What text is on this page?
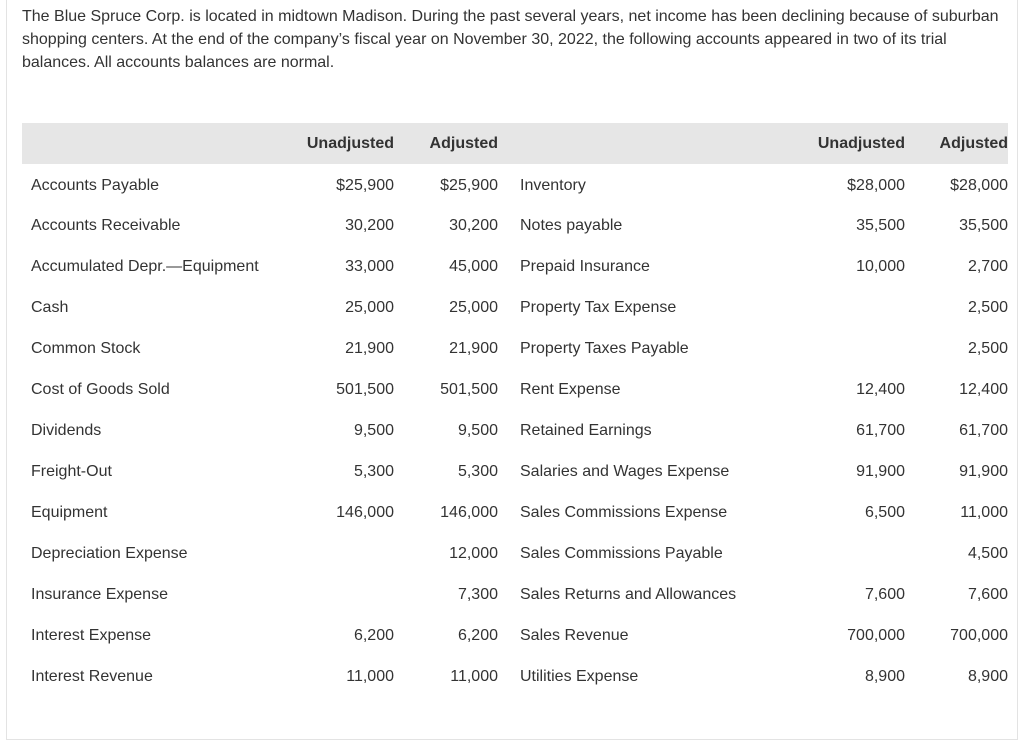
The Blue Spruce Corp. is located in midtown Madison. During the past several years, net income has been declining because of suburban shopping centers. At the end of the company’s fiscal year on November 30, 2022, the following accounts appeared in two of its trial balances. All accounts balances are normal.

	Unadjusted	Adjusted			Unadjusted	Adjusted
Accounts Payable	$25,900	$25,900		Inventory	$28,000	$28,000
Accounts Receivable	30,200	30,200		Notes payable	35,500	35,500
Accumulated Depr.—Equipment	33,000	45,000		Prepaid Insurance	10,000	2,700
Cash	25,000	25,000		Property Tax Expense		2,500
Common Stock	21,900	21,900		Property Taxes Payable		2,500
Cost of Goods Sold	501,500	501,500		Rent Expense	12,400	12,400
Dividends	9,500	9,500		Retained Earnings	61,700	61,700
Freight-Out	5,300	5,300		Salaries and Wages Expense	91,900	91,900
Equipment	146,000	146,000		Sales Commissions Expense	6,500	11,000
Depreciation Expense		12,000		Sales Commissions Payable		4,500
Insurance Expense		7,300		Sales Returns and Allowances	7,600	7,600
Interest Expense	6,200	6,200		Sales Revenue	700,000	700,000
Interest Revenue	11,000	11,000		Utilities Expense	8,900	8,900
